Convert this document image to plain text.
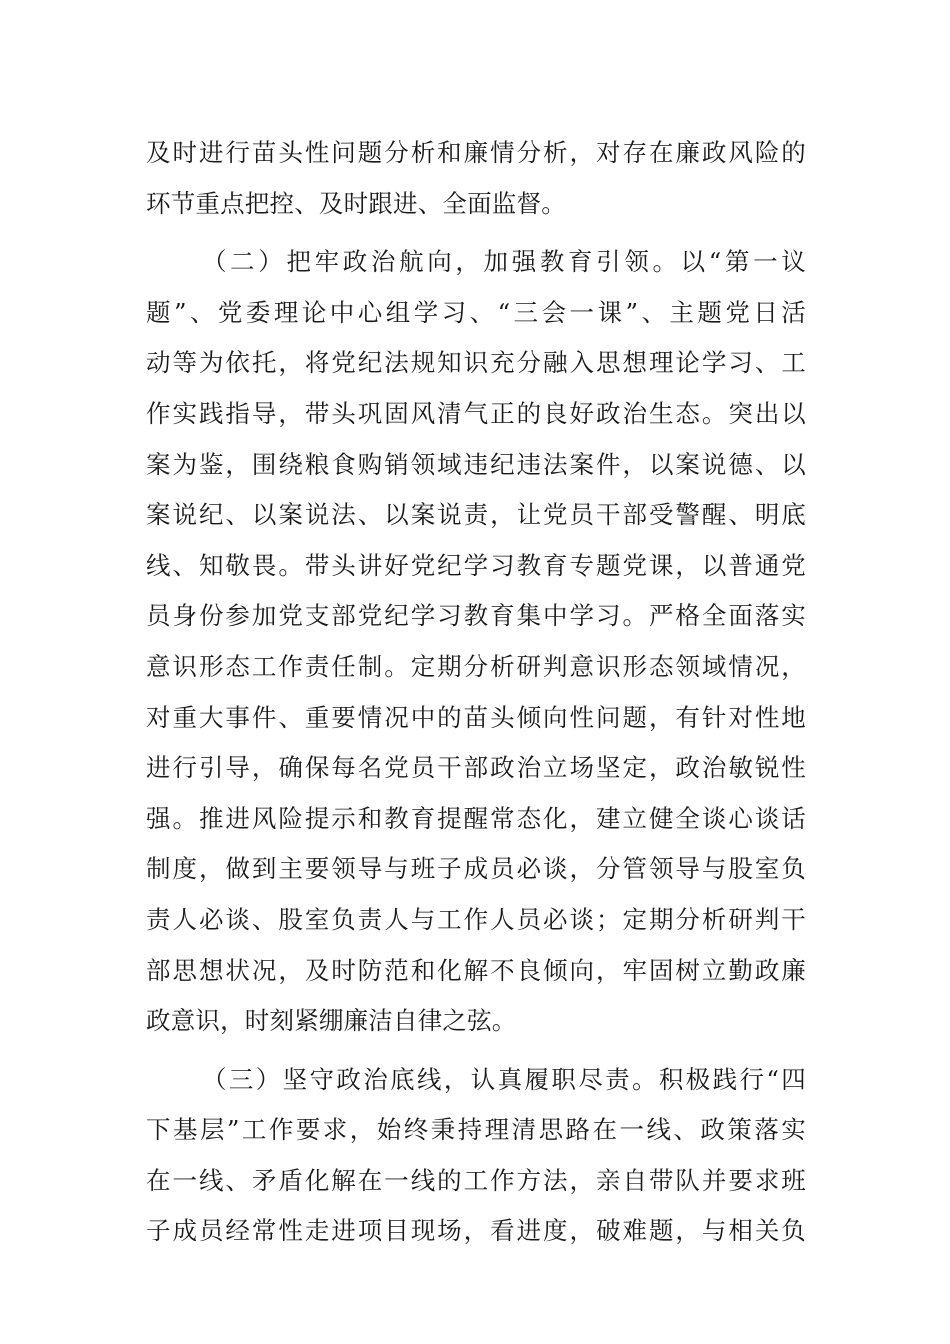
及时进行苗头性问题分析和廉情分析，对存在廉政风险的
环节重点把控、及时跟进、全面监督。
（二）把牢政治航向，加强教育引领。以“第一议
题”、党委理论中心组学习、“三会一课”、主题党日活
动等为依托，将党纪法规知识充分融入思想理论学习、工
作实践指导，带头巩固风清气正的良好政治生态。突出以
案为鉴，围绕粮食购销领域违纪违法案件，以案说德、以
案说纪、以案说法、以案说责，让党员干部受警醒、明底
线、知敬畏。带头讲好党纪学习教育专题党课，以普通党
员身份参加党支部党纪学习教育集中学习。严格全面落实
意识形态工作责任制。定期分析研判意识形态领域情况，
对重大事件、重要情况中的苗头倾向性问题，有针对性地
进行引导，确保每名党员干部政治立场坚定，政治敏锐性
强。推进风险提示和教育提醒常态化，建立健全谈心谈话
制度，做到主要领导与班子成员必谈，分管领导与股室负
责人必谈、股室负责人与工作人员必谈；定期分析研判干
部思想状况，及时防范和化解不良倾向，牢固树立勤政廉
政意识，时刻紧绷廉洁自律之弦。
（三）坚守政治底线，认真履职尽责。积极践行“四
下基层”工作要求，始终秉持理清思路在一线、政策落实
在一线、矛盾化解在一线的工作方法，亲自带队并要求班
子成员经常性走进项目现场，看进度，破难题，与相关负
